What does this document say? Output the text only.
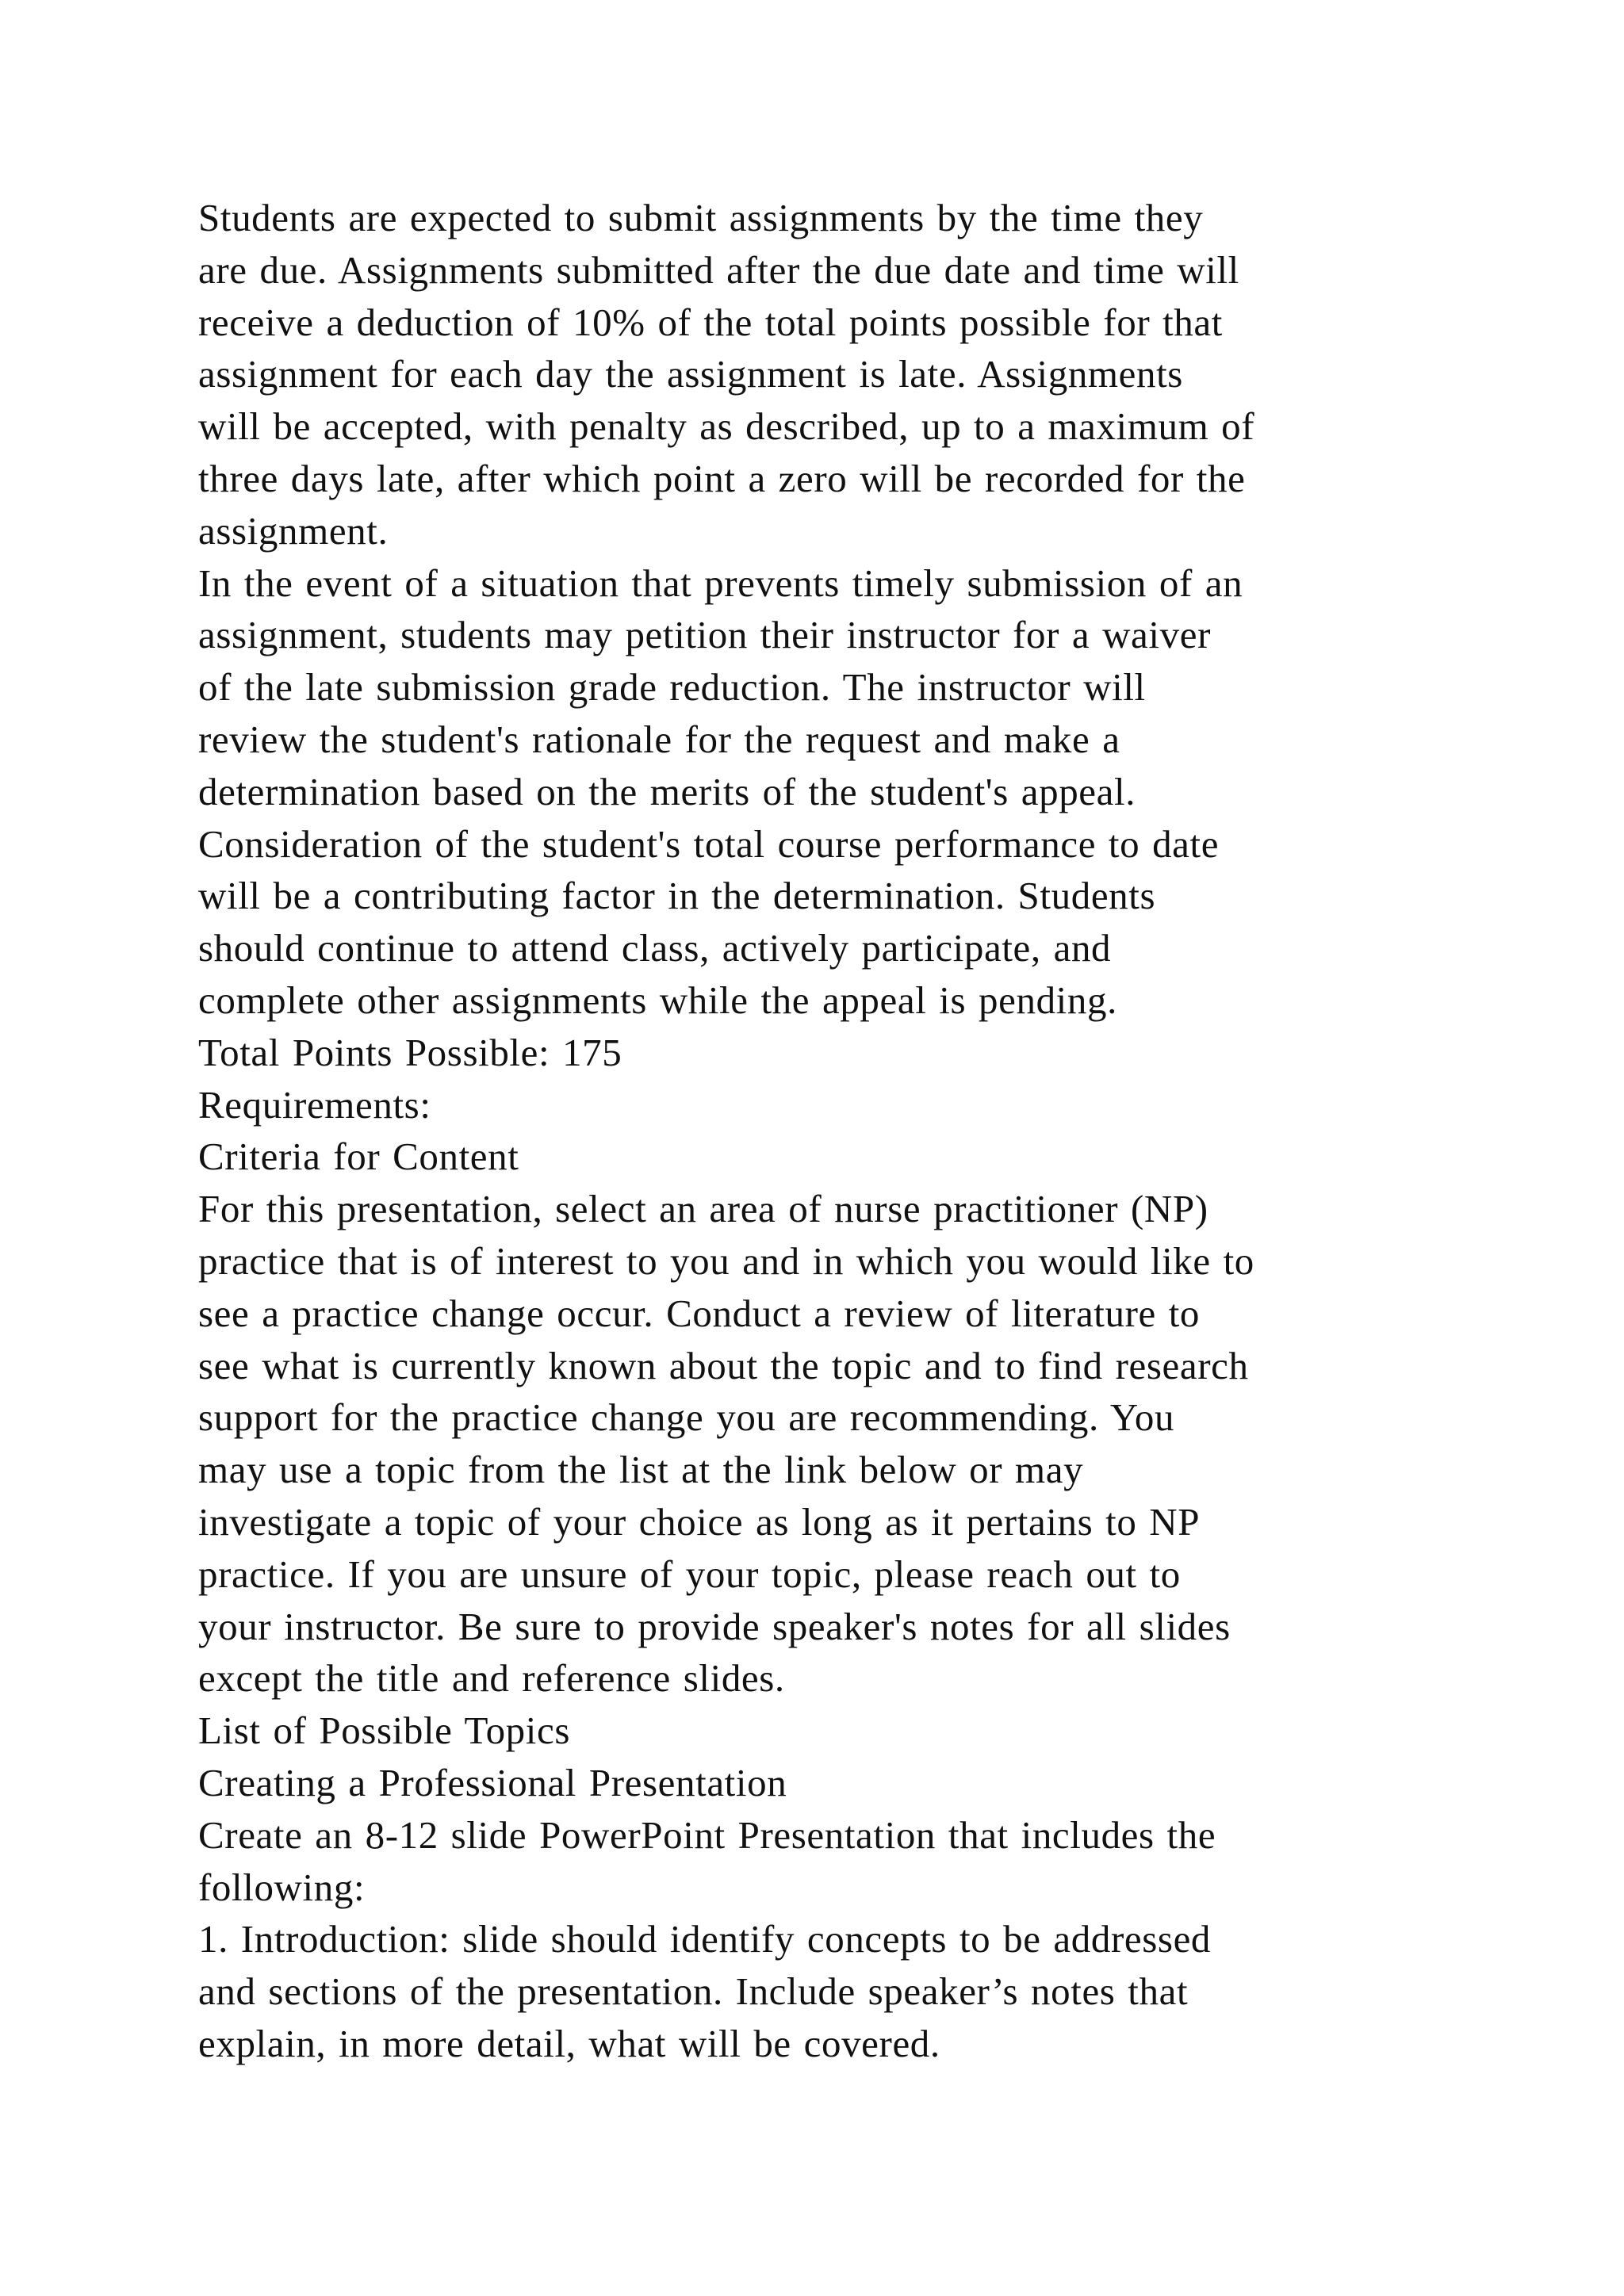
Students are expected to submit assignments by the time they
are due. Assignments submitted after the due date and time will
receive a deduction of 10% of the total points possible for that
assignment for each day the assignment is late. Assignments
will be accepted, with penalty as described, up to a maximum of
three days late, after which point a zero will be recorded for the
assignment.
In the event of a situation that prevents timely submission of an
assignment, students may petition their instructor for a waiver
of the late submission grade reduction. The instructor will
review the student's rationale for the request and make a
determination based on the merits of the student's appeal.
Consideration of the student's total course performance to date
will be a contributing factor in the determination. Students
should continue to attend class, actively participate, and
complete other assignments while the appeal is pending.
Total Points Possible: 175
Requirements:
Criteria for Content
For this presentation, select an area of nurse practitioner (NP)
practice that is of interest to you and in which you would like to
see a practice change occur. Conduct a review of literature to
see what is currently known about the topic and to find research
support for the practice change you are recommending. You
may use a topic from the list at the link below or may
investigate a topic of your choice as long as it pertains to NP
practice. If you are unsure of your topic, please reach out to
your instructor. Be sure to provide speaker's notes for all slides
except the title and reference slides.
List of Possible Topics
Creating a Professional Presentation
Create an 8-12 slide PowerPoint Presentation that includes the
following:
1. Introduction: slide should identify concepts to be addressed
and sections of the presentation. Include speaker’s notes that
explain, in more detail, what will be covered.
